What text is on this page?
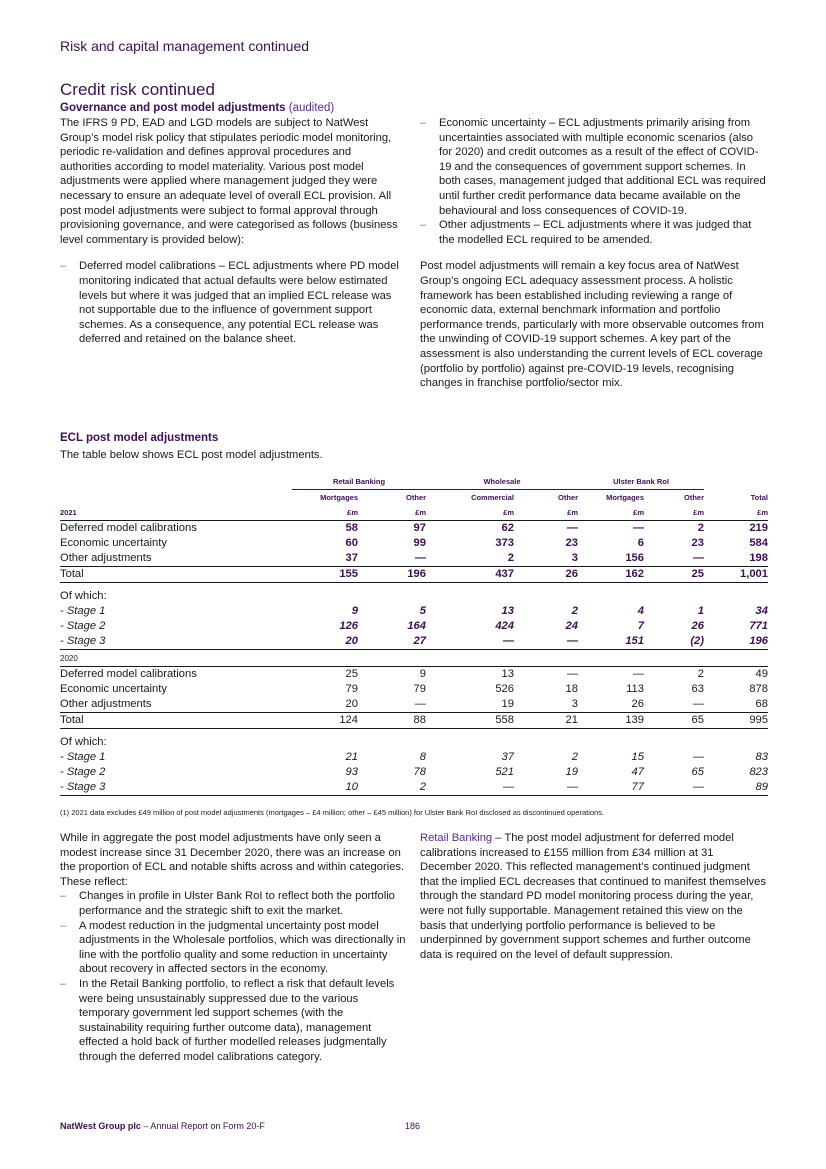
Risk and capital management continued
Credit risk continued
Governance and post model adjustments (audited)
The IFRS 9 PD, EAD and LGD models are subject to NatWest Group’s model risk policy that stipulates periodic model monitoring, periodic re-validation and defines approval procedures and authorities according to model materiality. Various post model adjustments were applied where management judged they were necessary to ensure an adequate level of overall ECL provision. All post model adjustments were subject to formal approval through provisioning governance, and were categorised as follows (business level commentary is provided below):
– Deferred model calibrations – ECL adjustments where PD model monitoring indicated that actual defaults were below estimated levels but where it was judged that an implied ECL release was not supportable due to the influence of government support schemes. As a consequence, any potential ECL release was deferred and retained on the balance sheet.
– Economic uncertainty – ECL adjustments primarily arising from uncertainties associated with multiple economic scenarios (also for 2020) and credit outcomes as a result of the effect of COVID-19 and the consequences of government support schemes. In both cases, management judged that additional ECL was required until further credit performance data became available on the behavioural and loss consequences of COVID-19.
– Other adjustments – ECL adjustments where it was judged that the modelled ECL required to be amended.
Post model adjustments will remain a key focus area of NatWest Group’s ongoing ECL adequacy assessment process. A holistic framework has been established including reviewing a range of economic data, external benchmark information and portfolio performance trends, particularly with more observable outcomes from the unwinding of COVID-19 support schemes. A key part of the assessment is also understanding the current levels of ECL coverage (portfolio by portfolio) against pre-COVID-19 levels, recognising changes in franchise portfolio/sector mix.
ECL post model adjustments
The table below shows ECL post model adjustments.
	Retail Banking		Wholesale		Ulster Bank RoI		
	Mortgages	Other	Commercial	Other	Mortgages	Other	Total
2021	£m	£m	£m	£m	£m	£m	£m
Deferred model calibrations	58	97	62	—	—	2	219
Economic uncertainty	60	99	373	23	6	23	584
Other adjustments	37	—	2	3	156	—	198
Total	155	196	437	26	162	25	1,001

Of which:							
- Stage 1	9	5	13	2	4	1	34
- Stage 2	126	164	424	24	7	26	771
- Stage 3	20	27	—	—	151	(2)	196
2020							
Deferred model calibrations	25	9	13	—	—	2	49
Economic uncertainty	79	79	526	18	113	63	878
Other adjustments	20	—	19	3	26	—	68
Total	124	88	558	21	139	65	995

Of which:							
- Stage 1	21	8	37	2	15	—	83
- Stage 2	93	78	521	19	47	65	823
- Stage 3	10	2	—	—	77	—	89
(1) 2021 data excludes £49 million of post model adjustments (mortgages – £4 million; other – £45 million) for Ulster Bank RoI disclosed as discontinued operations.
While in aggregate the post model adjustments have only seen a modest increase since 31 December 2020, there was an increase on the proportion of ECL and notable shifts across and within categories. These reflect:
– Changes in profile in Ulster Bank RoI to reflect both the portfolio performance and the strategic shift to exit the market.
– A modest reduction in the judgmental uncertainty post model adjustments in the Wholesale portfolios, which was directionally in line with the portfolio quality and some reduction in uncertainty about recovery in affected sectors in the economy.
– In the Retail Banking portfolio, to reflect a risk that default levels were being unsustainably suppressed due to the various temporary government led support schemes (with the sustainability requiring further outcome data), management effected a hold back of further modelled releases judgmentally through the deferred model calibrations category.
Retail Banking – The post model adjustment for deferred model calibrations increased to £155 million from £34 million at 31 December 2020. This reflected management’s continued judgment that the implied ECL decreases that continued to manifest themselves through the standard PD model monitoring process during the year, were not fully supportable. Management retained this view on the basis that underlying portfolio performance is believed to be underpinned by government support schemes and further outcome data is required on the level of default suppression.
NatWest Group plc – Annual Report on Form 20-F	186
